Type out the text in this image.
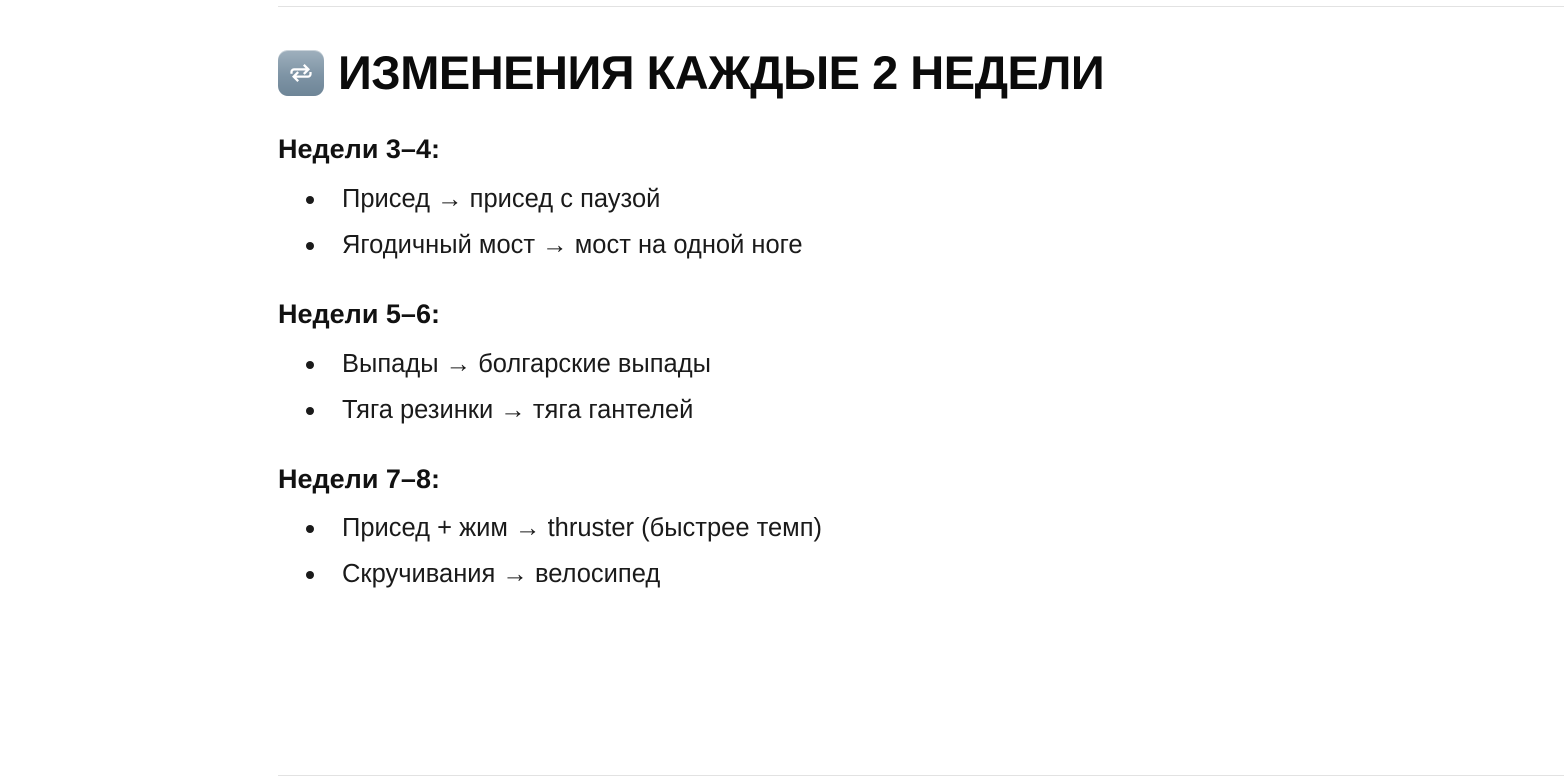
ИЗМЕНЕНИЯ КАЖДЫЕ 2 НЕДЕЛИ
Недели 3–4:
Присед → присед с паузой
Ягодичный мост → мост на одной ноге
Недели 5–6:
Выпады → болгарские выпады
Тяга резинки → тяга гантелей
Недели 7–8:
Присед + жим → thruster (быстрее темп)
Скручивания → велосипед
